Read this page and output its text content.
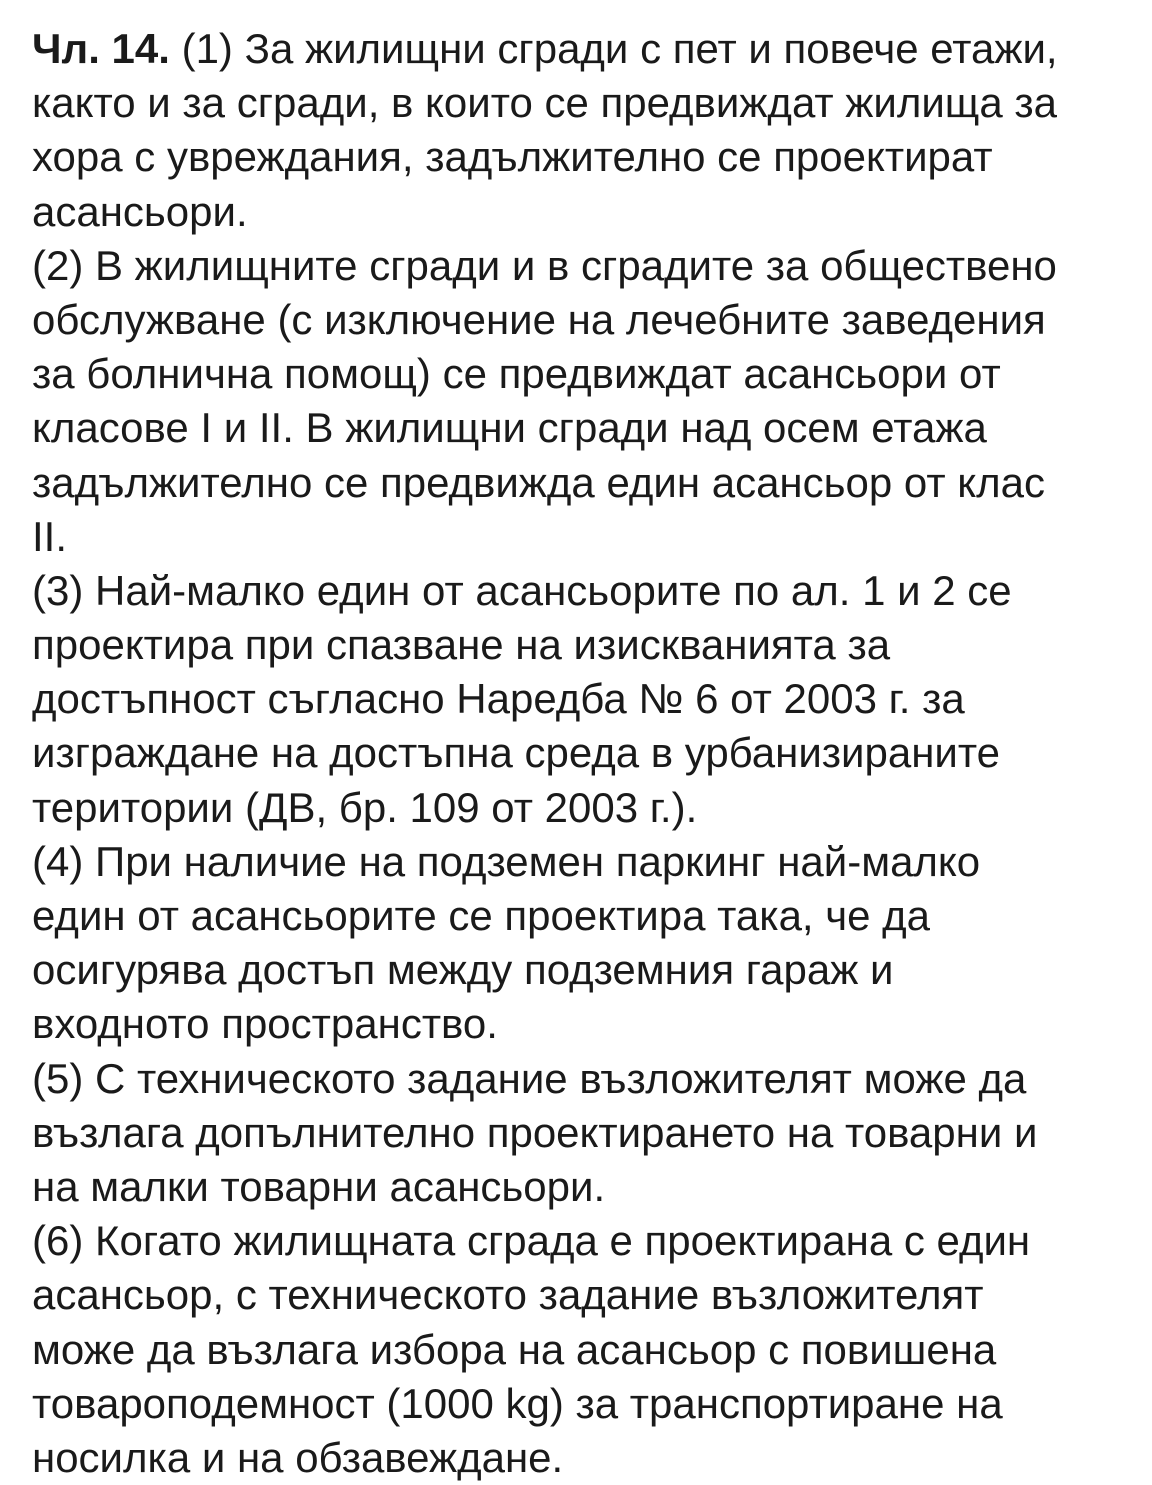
Чл. 14. (1) За жилищни сгради с пет и повече етажи,
както и за сгради, в които се предвиждат жилища за
хора с увреждания, задължително се проектират
асансьори.
(2) В жилищните сгради и в сградите за обществено
обслужване (с изключение на лечебните заведения
за болнична помощ) се предвиждат асансьори от
класове I и II. В жилищни сгради над осем етажа
задължително се предвижда един асансьор от клас
II.
(3) Най-малко един от асансьорите по ал. 1 и 2 се
проектира при спазване на изискванията за
достъпност съгласно Наредба № 6 от 2003 г. за
изграждане на достъпна среда в урбанизираните
територии (ДВ, бр. 109 от 2003 г.).
(4) При наличие на подземен паркинг най-малко
един от асансьорите се проектира така, че да
осигурява достъп между подземния гараж и
входното пространство.
(5) С техническото задание възложителят може да
възлага допълнително проектирането на товарни и
на малки товарни асансьори.
(6) Когато жилищната сграда е проектирана с един
асансьор, с техническото задание възложителят
може да възлага избора на асансьор с повишена
товароподемност (1000 kg) за транспортиране на
носилка и на обзавеждане.
